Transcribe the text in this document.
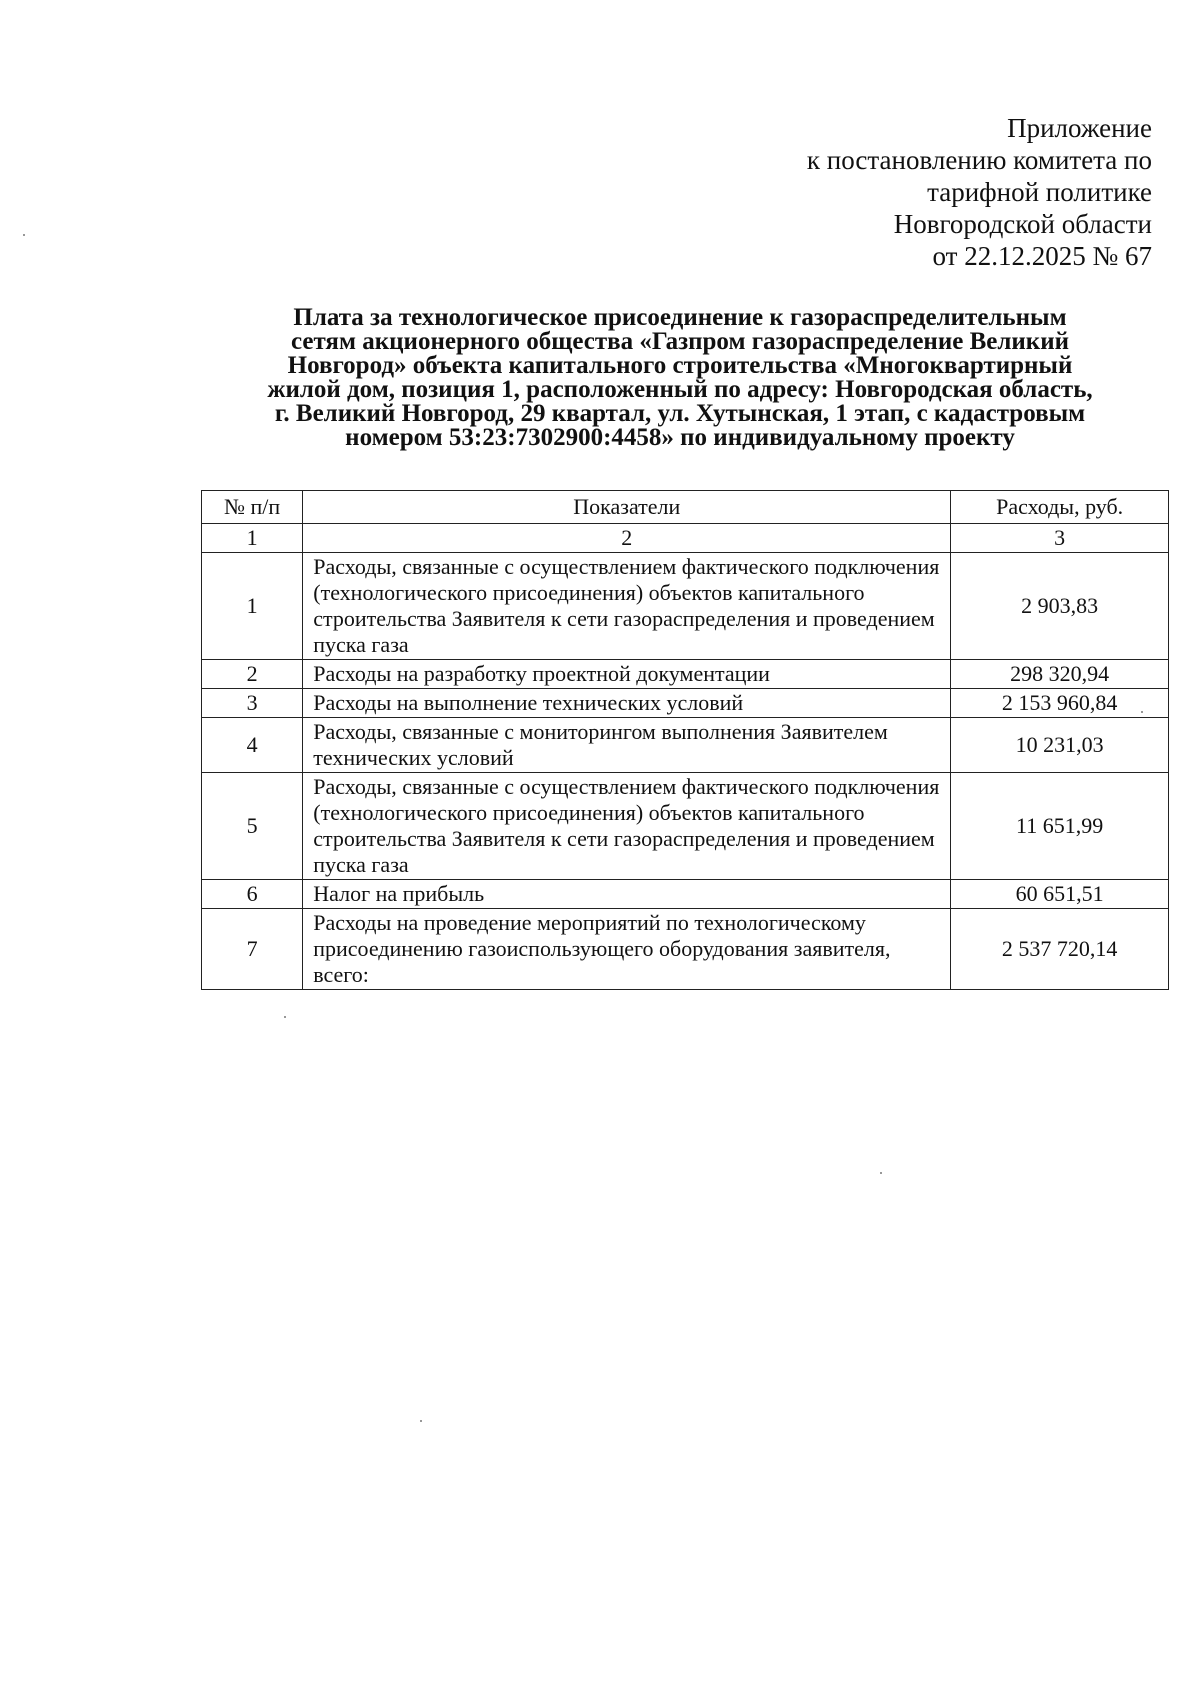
Приложение
к постановлению комитета по
тарифной политике
Новгородской области
от 22.12.2025 № 67
Плата за технологическое присоединение к газораспределительным
сетям акционерного общества «Газпром газораспределение Великий
Новгород» объекта капитального строительства «Многоквартирный
жилой дом, позиция 1, расположенный по адресу: Новгородская область,
г. Великий Новгород, 29 квартал, ул. Хутынская, 1 этап, с кадастровым
номером 53:23:7302900:4458» по индивидуальному проекту
№ п/п	Показатели	Расходы, руб.
1	2	3
1	Расходы, связанные с осуществлением фактического подключения (технологического присоединения) объектов капитального строительства Заявителя к сети газораспределения и проведением пуска газа	2 903,83
2	Расходы на разработку проектной документации	298 320,94
3	Расходы на выполнение технических условий	2 153 960,84
4	Расходы, связанные с мониторингом выполнения Заявителем технических условий	10 231,03
5	Расходы, связанные с осуществлением фактического подключения (технологического присоединения) объектов капитального строительства Заявителя к сети газораспределения и проведением пуска газа	11 651,99
6	Налог на прибыль	60 651,51
7	Расходы на проведение мероприятий по технологическому присоединению газоиспользующего оборудования заявителя, всего:	2 537 720,14
